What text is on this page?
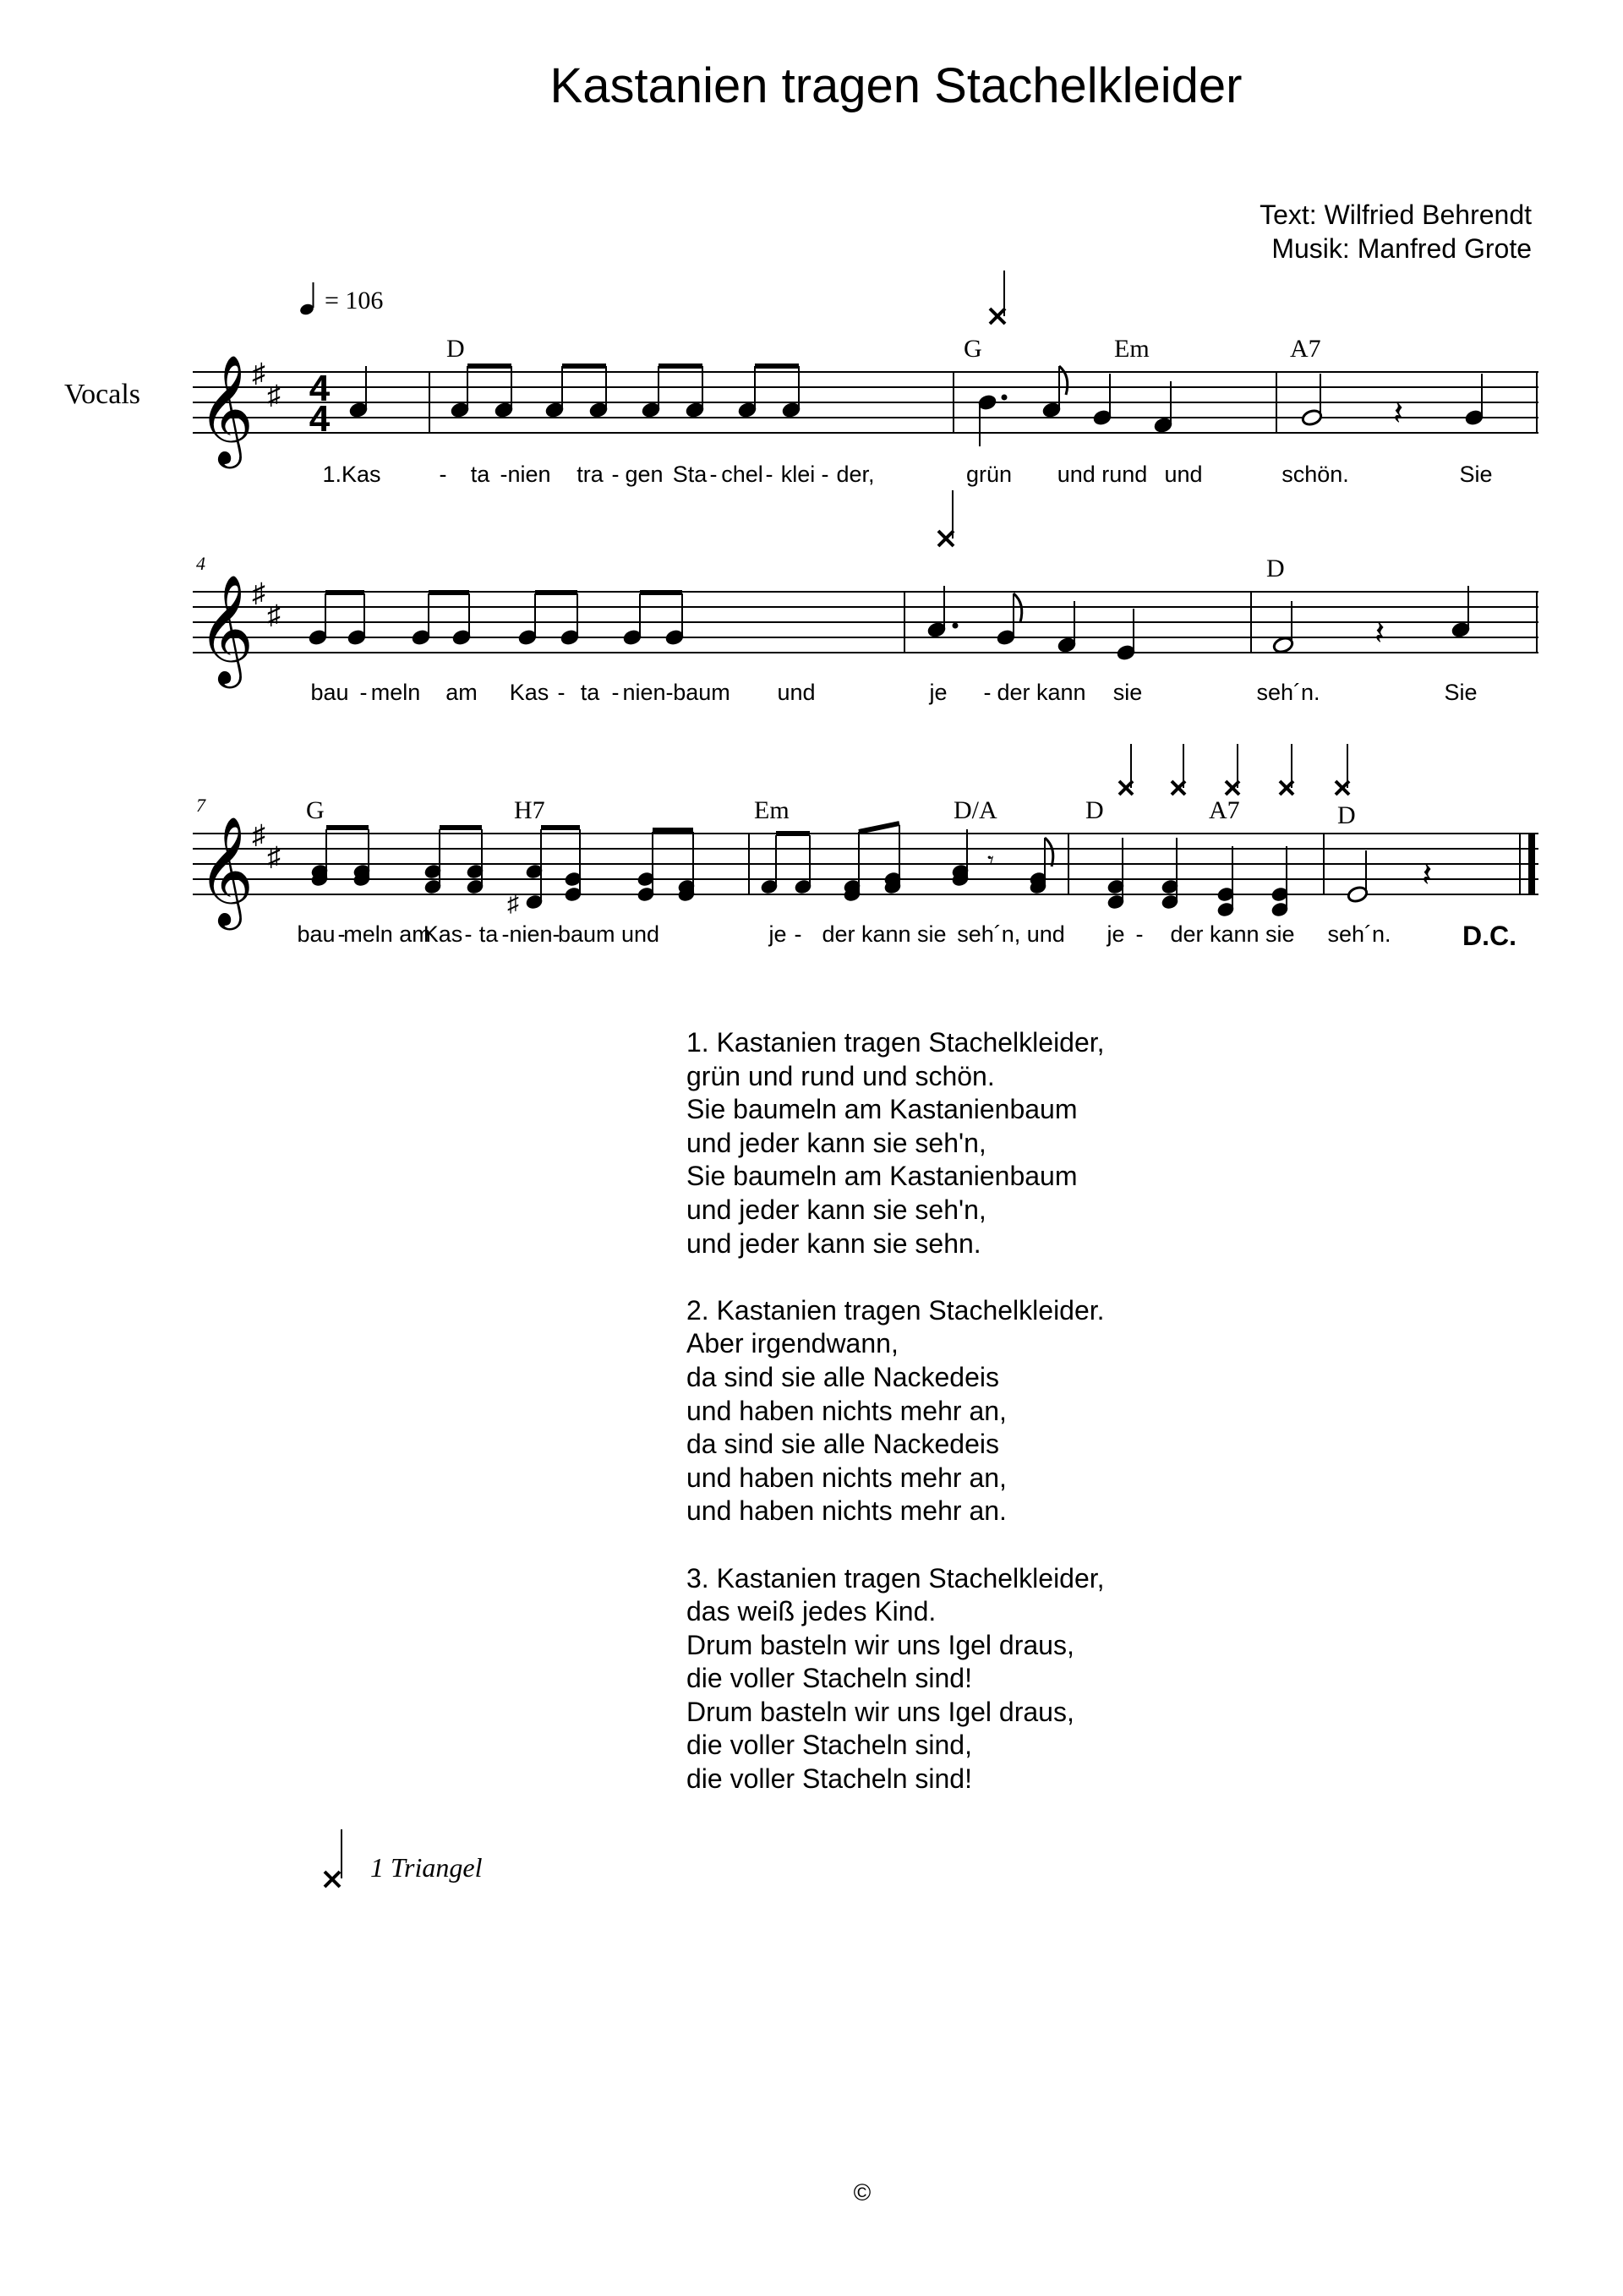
Kastanien tragen Stachelkleider
Text: Wilfried Behrendt
Musik: Manfred Grote
Vocals
= 106
𝄞
♯
♯ 4
4	𝄽
D	G	Em	A7
1.Kas	- ta - nien tra - gen Sta - chel - klei - der,	grün und rund und	schön.	Sie
4
𝄞
♯
♯	𝄽
D
bau - meln am Kas - ta - nien - baum und	je - der kann sie	seh´n.	Sie
7
𝄞
♯
♯
♯
𝄾	𝄽
G	H7	Em	D/A	D	A7	D
bau -
meln am
Kas - ta - nien -
baum und	je - der kann sie seh´n, und je - der kann sie seh´n.	D.C.
1. Kastanien tragen Stachelkleider,
grün und rund und schön.
Sie baumeln am Kastanienbaum
und jeder kann sie seh'n,
Sie baumeln am Kastanienbaum
und jeder kann sie seh'n,
und jeder kann sie sehn.
2. Kastanien tragen Stachelkleider.
Aber irgendwann,
da sind sie alle Nackedeis
und haben nichts mehr an,
da sind sie alle Nackedeis
und haben nichts mehr an,
und haben nichts mehr an.
3. Kastanien tragen Stachelkleider,
das weiß jedes Kind.
Drum basteln wir uns Igel draus,
die voller Stacheln sind!
Drum basteln wir uns Igel draus,
die voller Stacheln sind,
die voller Stacheln sind!
1 Triangel
©
